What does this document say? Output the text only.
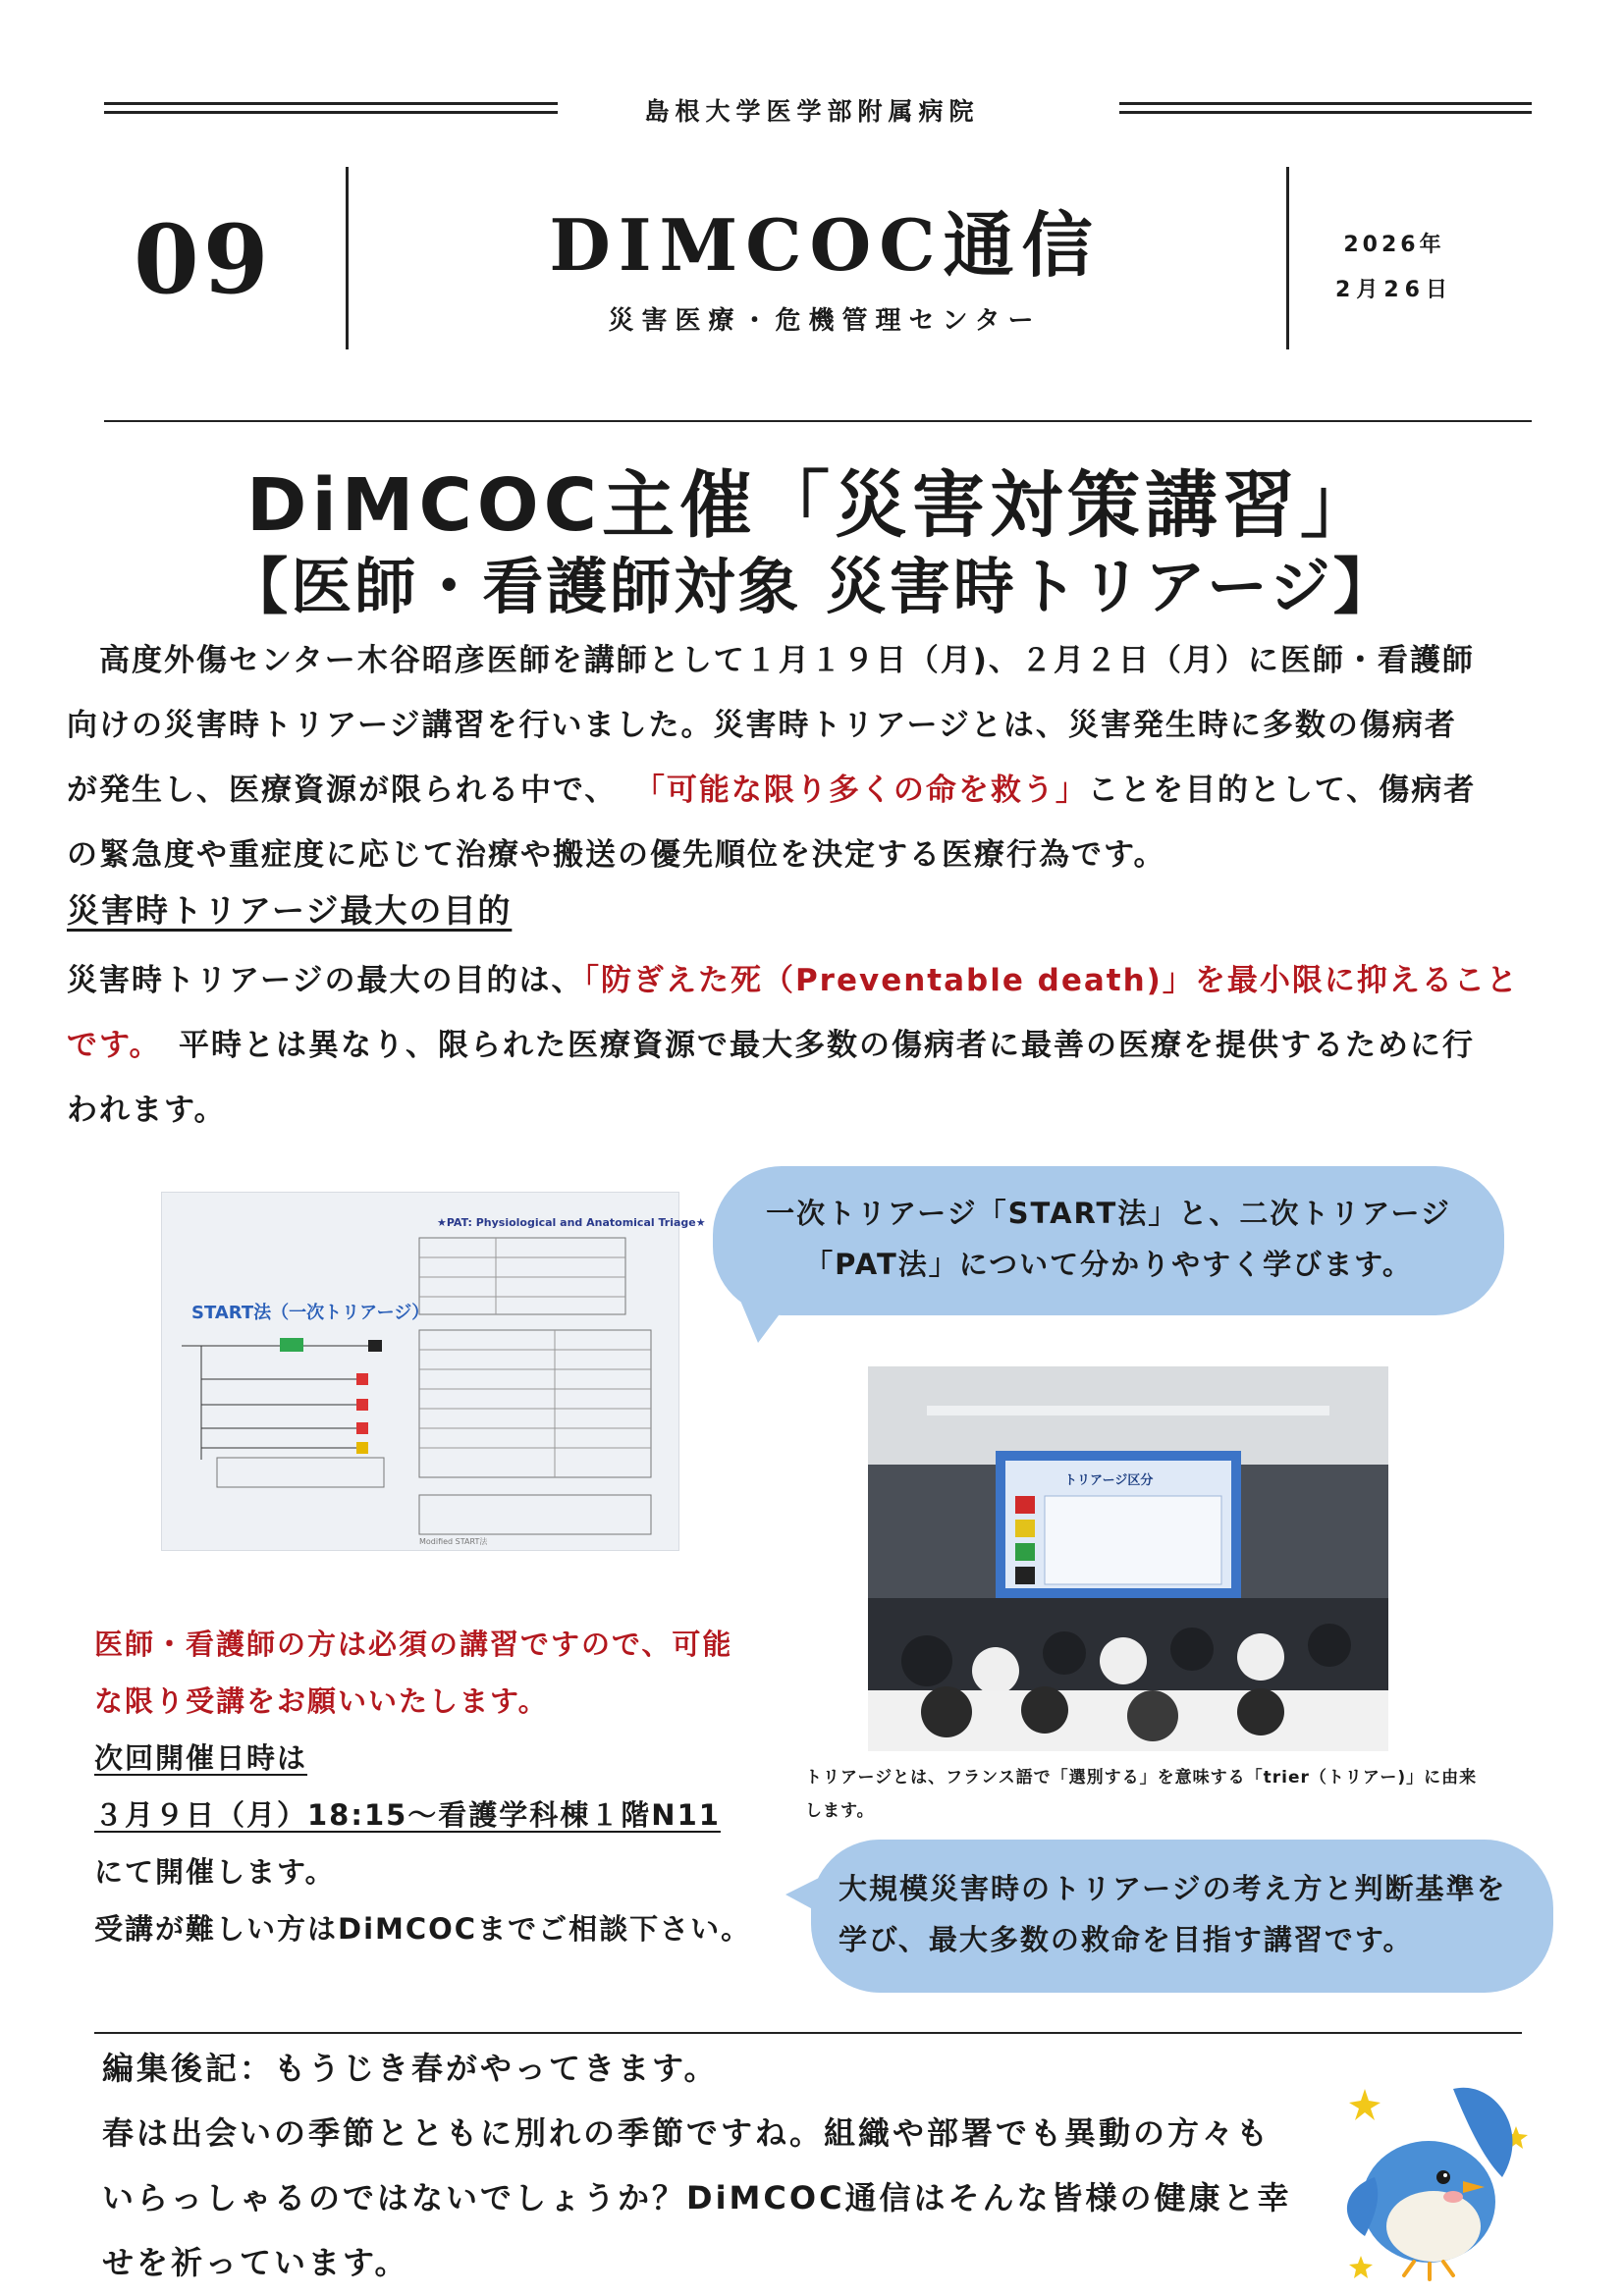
島根大学医学部附属病院
09	DIMCOC通信
災害医療・危機管理センター
2026年
2月26日
DiMCOC主催「災害対策講習」
【医師・看護師対象 災害時トリアージ】
 高度外傷センター木谷昭彦医師を講師として１月１９日（月)、２月２日（月）に医師・看護師
向けの災害時トリアージ講習を行いました。災害時トリアージとは、災害発生時に多数の傷病者
が発生し、医療資源が限られる中で、  「可能な限り多くの命を救う」ことを目的として、傷病者
の緊急度や重症度に応じて治療や搬送の優先順位を決定する医療行為です。
災害時トリアージ最大の目的
災害時トリアージの最大の目的は、「防ぎえた死（Preventable death)」を最小限に抑えること
です。  平時とは異なり、限られた医療資源で最大多数の傷病者に最善の医療を提供するために行
われます。
★PAT: Physiological and Anatomical Triage★
START法（一次トリアージ）
Modified START法
一次トリアージ「START法」と、二次トリアージ
「PAT法」について分かりやすく学びます。
トリアージ区分
トリアージとは、フランス語で「選別する」を意味する「trier（トリアー)」に由来
します。
大規模災害時のトリアージの考え方と判断基準を
学び、最大多数の救命を目指す講習です。
医師・看護師の方は必須の講習ですので、可能
な限り受講をお願いいたします。
次回開催日時は
３月９日（月）18:15～看護学科棟１階N11
にて開催します。
受講が難しい方はDiMCOCまでご相談下さい。
編集後記：もうじき春がやってきます。
春は出会いの季節とともに別れの季節ですね。組織や部署でも異動の方々も
いらっしゃるのではないでしょうか？DiMCOC通信はそんな皆様の健康と幸
せを祈っています。
